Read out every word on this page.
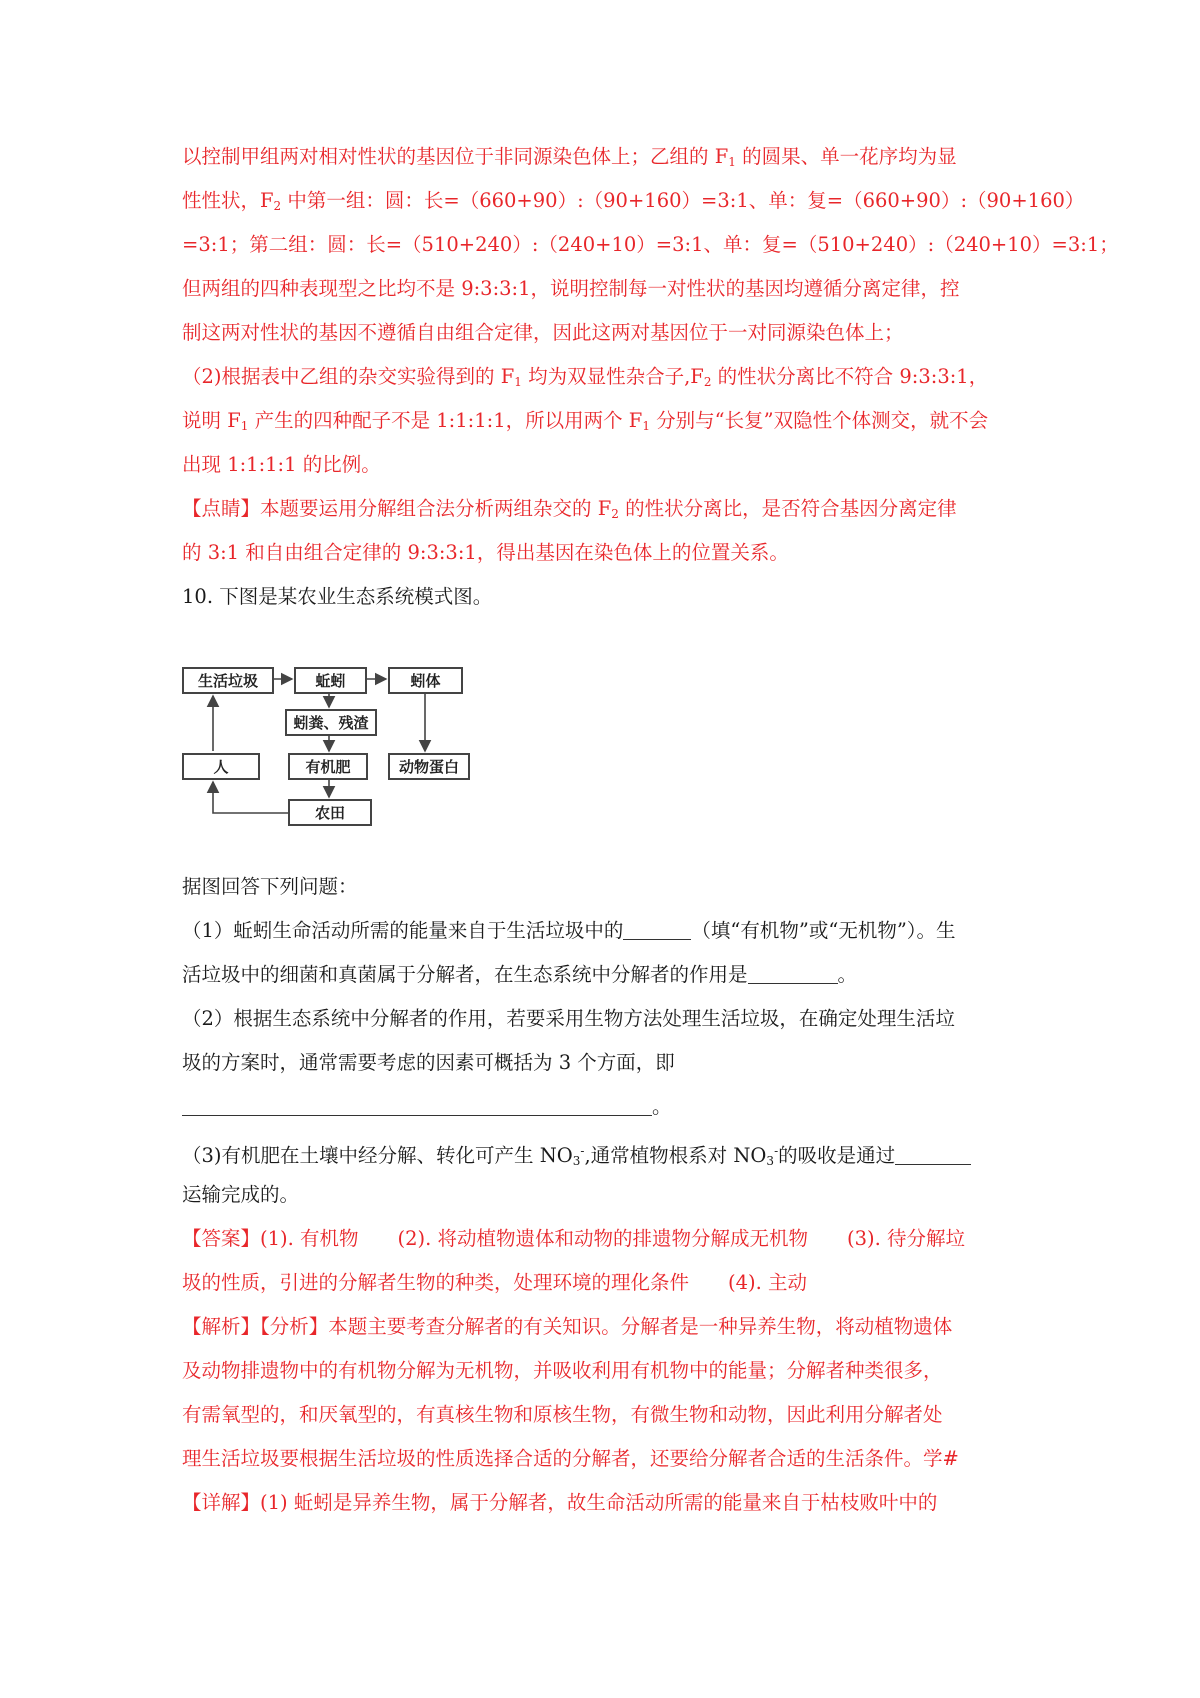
以控制甲组两对相对性状的基因位于非同源染色体上；乙组的 $F_1$ 的圆果、单一花序均为显
性性状，$F_2$ 中第一组：圆：长=（660+90）:（90+160）=3:1、单：复=（660+90）:（90+160）
=3:1；第二组：圆：长=（510+240）:（240+10）=3:1、单：复=（510+240）:（240+10）=3:1；
但两组的四种表现型之比均不是 9:3:3:1，说明控制每一对性状的基因均遵循分离定律，控
制这两对性状的基因不遵循自由组合定律，因此这两对基因位于一对同源染色体上；
（2)根据表中乙组的杂交实验得到的 $F_1$ 均为双显性杂合子$,F_2$ 的性状分离比不符合 9:3:3:1，
说明 $F_1$ 产生的四种配子不是 1:1:1:1，所以用两个 $F_1$ 分别与“长复”双隐性个体测交，就不会
出现 1:1:1:1 的比例。
【点睛】本题要运用分解组合法分析两组杂交的 $F_2$ 的性状分离比，是否符合基因分离定律
的 3:1 和自由组合定律的 9:3:3:1，得出基因在染色体上的位置关系。
10. 下图是某农业生态系统模式图。
生活垃圾	蚯蚓	蚓体
蚓粪、残渣
人	有机肥	动物蛋白
农田
据图回答下列问题：
（1）蚯蚓生命活动所需的能量来自于生活垃圾中的	（填“有机物”或“无机物”）。生
活垃圾中的细菌和真菌属于分解者，在生态系统中分解者的作用是	。
（2）根据生态系统中分解者的作用，若要采用生物方法处理生活垃圾，在确定处理生活垃
圾的方案时，通常需要考虑的因素可概括为 3 个方面，即
。
（3)有机肥在土壤中经分解、转化可产生 $NO_3^-$,通常植物根系对 $NO_3^-$的吸收是通过
运输完成的。
【答案】(1). 有机物　　(2). 将动植物遗体和动物的排遗物分解成无机物　　(3). 待分解垃
圾的性质，引进的分解者生物的种类，处理环境的理化条件　　(4). 主动
【解析】【分析】本题主要考查分解者的有关知识。分解者是一种异养生物，将动植物遗体
及动物排遗物中的有机物分解为无机物，并吸收利用有机物中的能量；分解者种类很多，
有需氧型的，和厌氧型的，有真核生物和原核生物，有微生物和动物，因此利用分解者处
理生活垃圾要根据生活垃圾的性质选择合适的分解者，还要给分解者合适的生活条件。学#
【详解】(1) 蚯蚓是异养生物，属于分解者，故生命活动所需的能量来自于枯枝败叶中的
